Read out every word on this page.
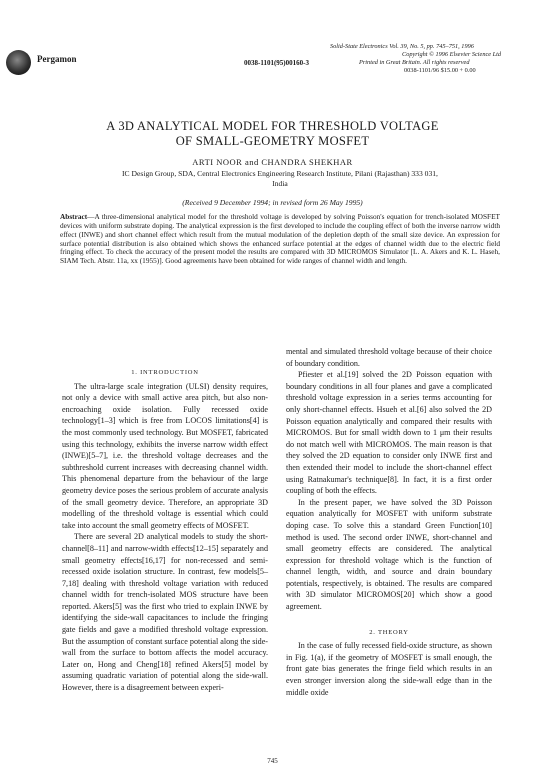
Pergamon
Solid-State Electronics Vol. 39, No. 5, pp. 745–751, 1996
Copyright © 1996 Elsevier Science Ltd
0038-1101(95)00160-3	Printed in Great Britain. All rights reserved
0038-1101/96 $15.00 + 0.00
A 3D ANALYTICAL MODEL FOR THRESHOLD VOLTAGE
OF SMALL-GEOMETRY MOSFET
ARTI NOOR and CHANDRA SHEKHAR
IC Design Group, SDA, Central Electronics Engineering Research Institute, Pilani (Rajasthan) 333 031,
India
(Received 9 December 1994; in revised form 26 May 1995)
Abstract—A three-dimensional analytical model for the threshold voltage is developed by solving Poisson's equation for trench-isolated MOSFET devices with uniform substrate doping. The analytical expression is the first developed to include the coupling effect of both the inverse narrow width effect (INWE) and short channel effect which result from the mutual modulation of the depletion depth of the small size device. An expression for surface potential distribution is also obtained which shows the enhanced surface potential at the edges of channel width due to the electric field fringing effect. To check the accuracy of the present model the results are compared with 3D MICROMOS Simulator [L. A. Akers and K. L. Haseh, SIAM Tech. Abstr. 11a, xx (1955)]. Good agreements have been obtained for wide ranges of channel width and length.

1. INTRODUCTION

The ultra-large scale integration (ULSI) density requires, not only a device with small active area pitch, but also non-encroaching oxide isolation. Fully recessed oxide technology[1–3] which is free from LOCOS limitations[4] is the most commonly used technology. But MOSFET, fabricated using this technology, exhibits the inverse narrow width effect (INWE)[5–7], i.e. the threshold voltage decreases and the subthreshold current increases with decreasing channel width. This phenomenal departure from the behaviour of the large geometry device poses the serious problem of accurate analysis of the small geometry device. Therefore, an appropriate 3D modelling of the threshold voltage is essential which could take into account the small geometry effects of MOSFET.

There are several 2D analytical models to study the short-channel[8–11] and narrow-width effects[12–15] separately and small geometry effects[16,17] for non-recessed and semi-recessed oxide isolation structure. In contrast, few models[5–7,18] dealing with threshold voltage variation with reduced channel width for trench-isolated MOS structure have been reported. Akers[5] was the first who tried to explain INWE by identifying the side-wall capacitances to include the fringing gate fields and gave a modified threshold voltage expression. But the assumption of constant surface potential along the side-wall from the surface to bottom affects the model accuracy. Later on, Hong and Cheng[18] refined Akers[5] model by assuming quadratic variation of potential along the side-wall. However, there is a disagreement between experi-

mental and simulated threshold voltage because of their choice of boundary condition.

Pfiester et al.[19] solved the 2D Poisson equation with boundary conditions in all four planes and gave a complicated threshold voltage expression in a series terms accounting for only short-channel effects. Hsueh et al.[6] also solved the 2D Poisson equation analytically and compared their results with MICROMOS. But for small width down to 1 μm their results do not match well with MICROMOS. The main reason is that they solved the 2D equation to consider only INWE first and then extended their model to include the short-channel effect using Ratnakumar's technique[8]. In fact, it is a first order coupling of both the effects.

In the present paper, we have solved the 3D Poisson equation analytically for MOSFET with uniform substrate doping case. To solve this a standard Green Function[10] method is used. The second order INWE, short-channel and small geometry effects are considered. The analytical expression for threshold voltage which is the function of channel length, width, and source and drain boundary potentials, respectively, is obtained. The results are compared with 3D simulator MICROMOS[20] which show a good agreement.

2. THEORY

In the case of fully recessed field-oxide structure, as shown in Fig. 1(a), if the geometry of MOSFET is small enough, the front gate bias generates the fringe field which results in an even stronger inversion along the side-wall edge than in the middle oxide

745
